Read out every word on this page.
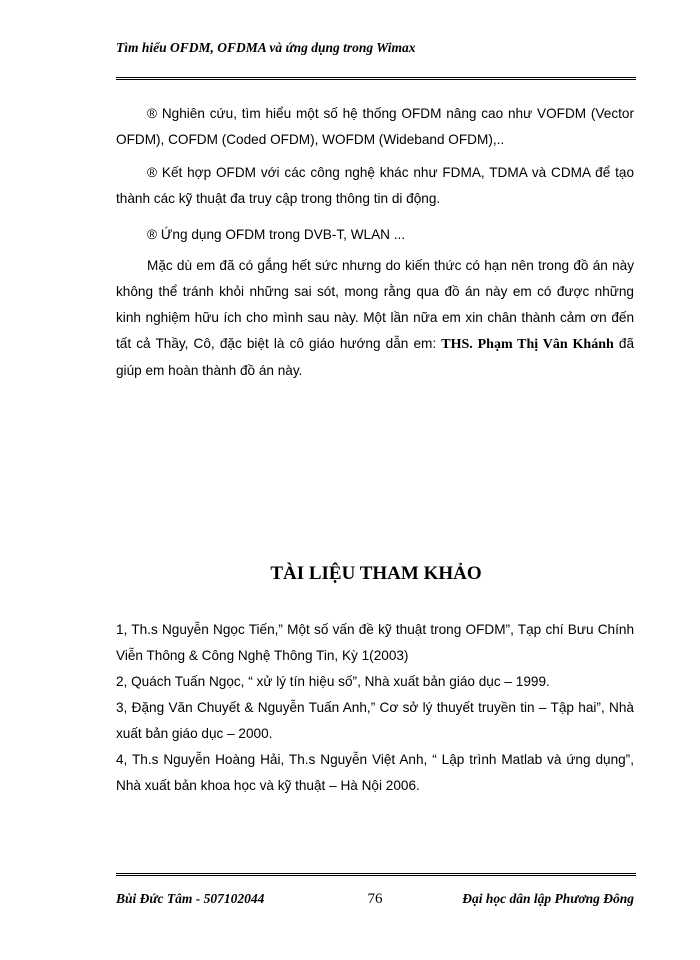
Tìm hiểu OFDM, OFDMA và ứng dụng trong Wimax

® Nghiên cứu, tìm hiểu một số hệ thống OFDM nâng cao như VOFDM (Vector OFDM), COFDM (Coded OFDM), WOFDM (Wideband OFDM),..

® Kết hợp OFDM với các công nghệ khác như FDMA, TDMA và CDMA để tạo thành các kỹ thuật đa truy cập trong thông tin di động.

® Ứng dụng OFDM trong DVB-T, WLAN ...

Mặc dù em đã có gắng hết sức nhưng do kiến thức có hạn nên trong đồ án này không thể tránh khỏi những sai sót, mong rằng qua đồ án này em có được những kinh nghiệm hữu ích cho mình sau này. Một lần nữa em xin chân thành cảm ơn đến tất cả Thầy, Cô, đặc biệt là cô giáo hướng dẫn em: THS. Phạm Thị Vân Khánh đã giúp em hoàn thành đồ án này.

TÀI LIỆU THAM KHẢO

1, Th.s Nguyễn Ngọc Tiến,” Một số vấn đề kỹ thuật trong OFDM”, Tạp chí Bưu Chính Viễn Thông & Công Nghệ Thông Tin, Kỳ 1(2003)

2, Quách Tuấn Ngọc, “ xử lý tín hiệu số”, Nhà xuất bản giáo dục – 1999.

3, Đặng Văn Chuyết & Nguyễn Tuấn Anh,” Cơ sở lý thuyết truyền tin – Tập hai”, Nhà xuất bản giáo dục – 2000.

4, Th.s Nguyễn Hoàng Hải, Th.s Nguyễn Việt Anh, “ Lập trình Matlab và ứng dụng”, Nhà xuất bản khoa học và kỹ thuật – Hà Nội 2006.

Bùi Đức Tâm - 507102044	76	Đại học dân lập Phương Đông
